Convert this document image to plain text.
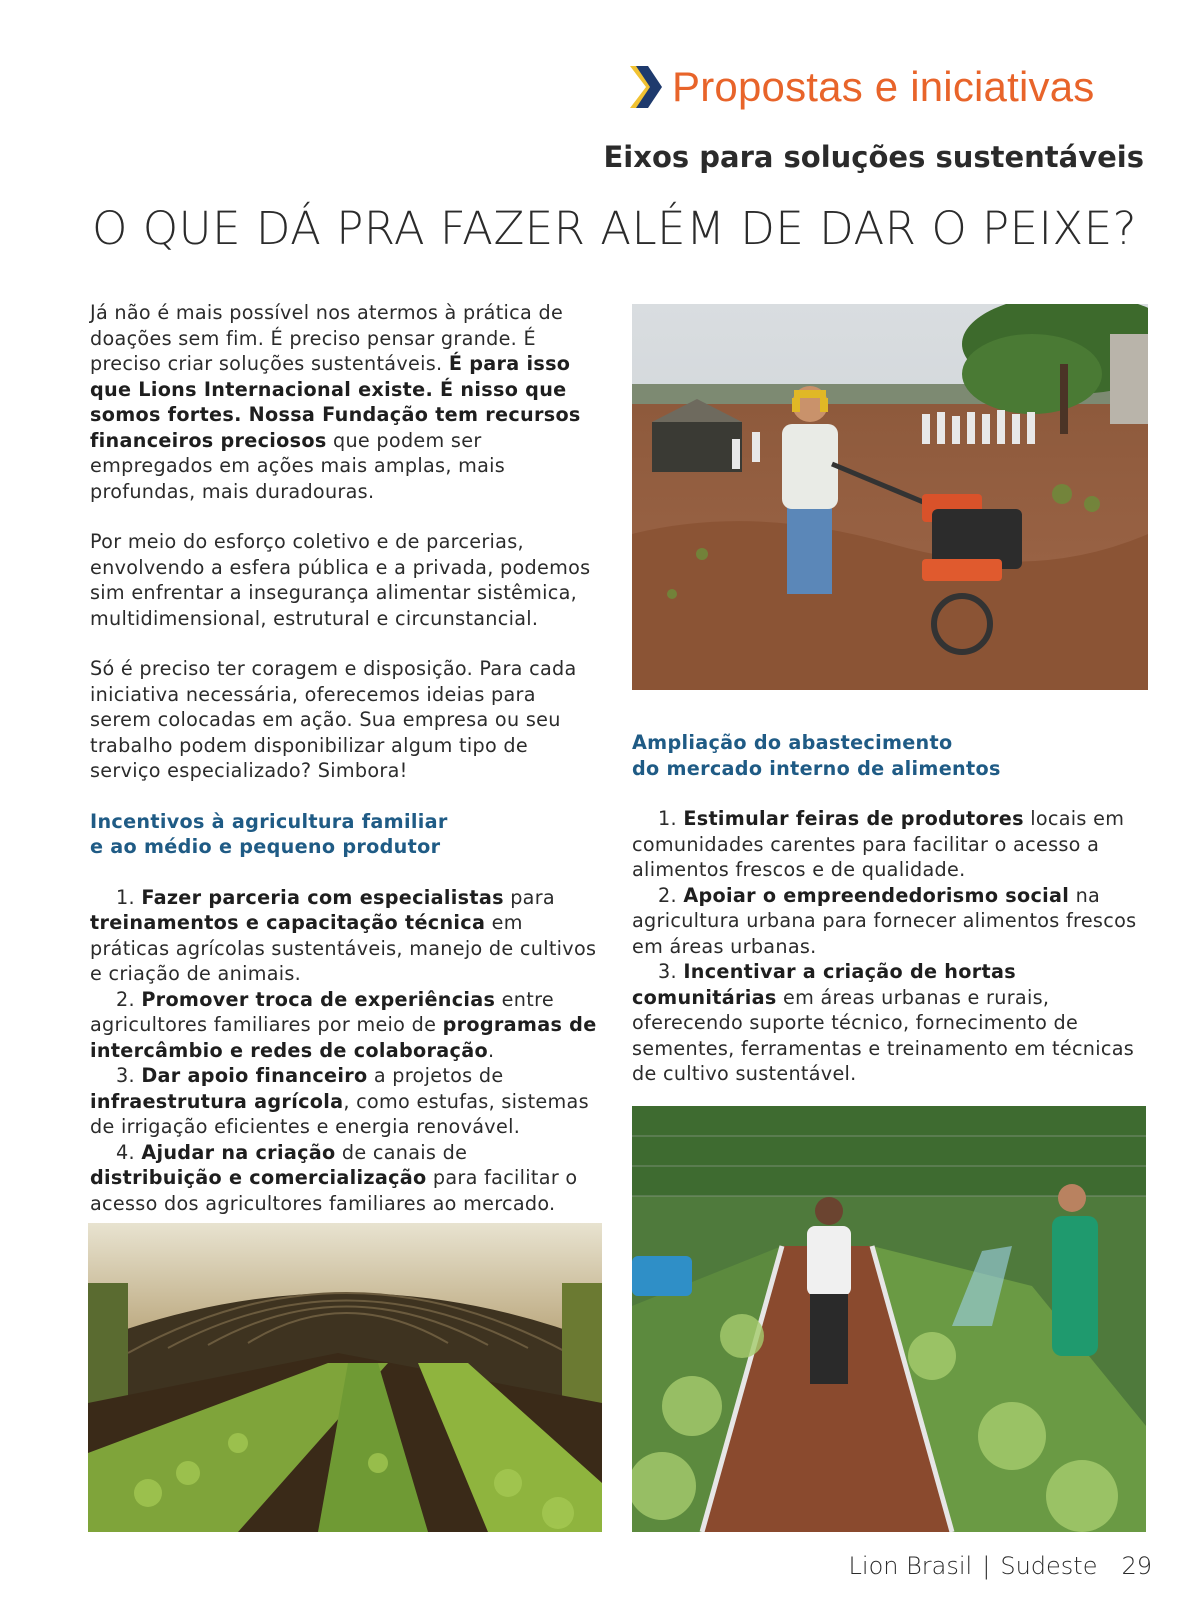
Propostas e iniciativas
Eixos para soluções sustentáveis
O QUE DÁ PRA FAZER ALÉM DE DAR O PEIXE?

Já não é mais possível nos atermos à prática de doações sem fim. É preciso pensar grande. É preciso criar soluções sustentáveis. É para isso que Lions Internacional existe. É nisso que somos fortes. Nossa Fundação tem recursos financeiros preciosos que podem ser empregados em ações mais amplas, mais profundas, mais duradouras.

Por meio do esforço coletivo e de parcerias, envolvendo a esfera pública e a privada, podemos sim enfrentar a insegurança alimentar sistêmica, multidimensional, estrutural e circunstancial.

Só é preciso ter coragem e disposição. Para cada iniciativa necessária, oferecemos ideias para serem colocadas em ação. Sua empresa ou seu trabalho podem disponibilizar algum tipo de serviço especializado? Simbora!

Incentivos à agricultura familiar
e ao médio e pequeno produtor

1. Fazer parceria com especialistas para treinamentos e capacitação técnica em práticas agrícolas sustentáveis, manejo de cultivos e criação de animais.

2. Promover troca de experiências entre agricultores familiares por meio de programas de intercâmbio e redes de colaboração.

3. Dar apoio financeiro a projetos de infraestrutura agrícola, como estufas, sistemas de irrigação eficientes e energia renovável.

4. Ajudar na criação de canais de distribuição e comercialização para facilitar o acesso dos agricultores familiares ao mercado.

Ampliação do abastecimento
do mercado interno de alimentos

1. Estimular feiras de produtores locais em comunidades carentes para facilitar o acesso a alimentos frescos e de qualidade.

2. Apoiar o empreendedorismo social na agricultura urbana para fornecer alimentos frescos em áreas urbanas.

3. Incentivar a criação de hortas comunitárias em áreas urbanas e rurais, oferecendo suporte técnico, fornecimento de sementes, ferramentas e treinamento em técnicas de cultivo sustentável.

Lion Brasil | Sudeste 29
